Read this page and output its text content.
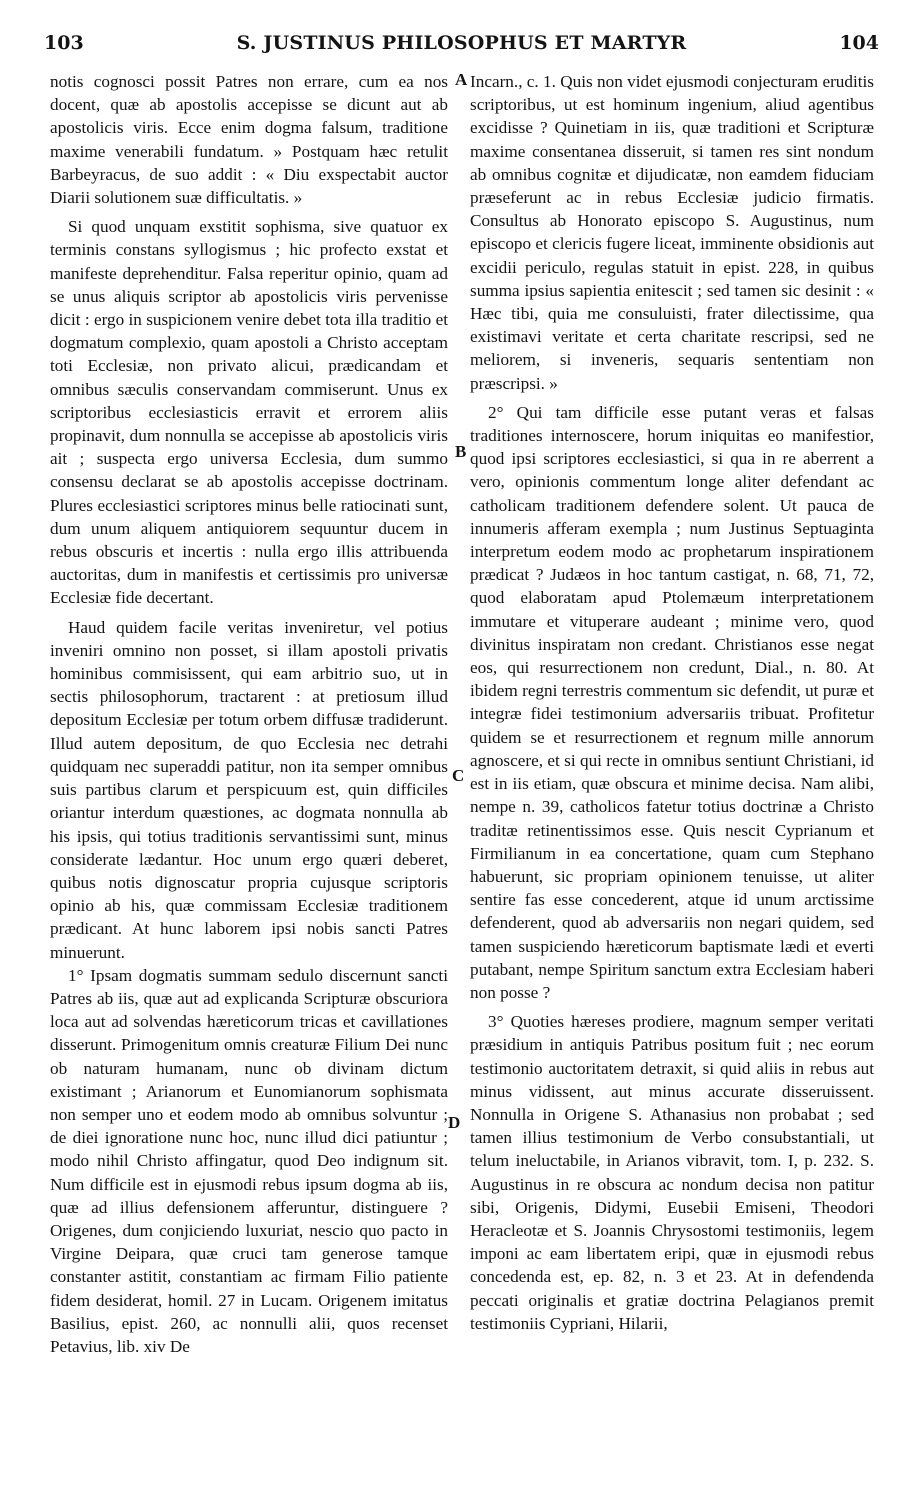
103	S. JUSTINUS PHILOSOPHUS ET MARTYR	104
A
B
C
D

notis cognosci possit Patres non errare, cum ea nos docent, quæ ab apostolis accepisse se dicunt aut ab apostolicis viris. Ecce enim dogma falsum, traditione maxime venerabili fundatum. » Postquam hæc retulit Barbeyracus, de suo addit : « Diu exspectabit auctor Diarii solutionem suæ difficultatis. »

Si quod unquam exstitit sophisma, sive quatuor ex terminis constans syllogismus ; hic profecto exstat et manifeste deprehenditur. Falsa reperitur opinio, quam ad se unus aliquis scriptor ab apostolicis viris pervenisse dicit : ergo in suspicionem venire debet tota illa traditio et dogmatum complexio, quam apostoli a Christo acceptam toti Ecclesiæ, non privato alicui, prædicandam et omnibus sæculis conservandam commiserunt. Unus ex scriptoribus ecclesiasticis erravit et errorem aliis propinavit, dum nonnulla se accepisse ab apostolicis viris ait ; suspecta ergo universa Ecclesia, dum summo consensu declarat se ab apostolis accepisse doctrinam. Plures ecclesiastici scriptores minus belle ratiocinati sunt, dum unum aliquem antiquiorem sequuntur ducem in rebus obscuris et incertis : nulla ergo illis attribuenda auctoritas, dum in manifestis et certissimis pro universæ Ecclesiæ fide decertant.

Haud quidem facile veritas inveniretur, vel potius inveniri omnino non posset, si illam apostoli privatis hominibus commisissent, qui eam arbitrio suo, ut in sectis philosophorum, tractarent : at pretiosum illud depositum Ecclesiæ per totum orbem diffusæ tradiderunt. Illud autem depositum, de quo Ecclesia nec detrahi quidquam nec superaddi patitur, non ita semper omnibus suis partibus clarum et perspicuum est, quin difficiles oriantur interdum quæstiones, ac dogmata nonnulla ab his ipsis, qui totius traditionis servantissimi sunt, minus considerate lædantur. Hoc unum ergo quæri deberet, quibus notis dignoscatur propria cujusque scriptoris opinio ab his, quæ commissam Ecclesiæ traditionem prædicant. At hunc laborem ipsi nobis sancti Patres minuerunt.

1° Ipsam dogmatis summam sedulo discernunt sancti Patres ab iis, quæ aut ad explicanda Scripturæ obscuriora loca aut ad solvendas hæreticorum tricas et cavillationes disserunt. Primogenitum omnis creaturæ Filium Dei nunc ob naturam humanam, nunc ob divinam dictum existimant ; Arianorum et Eunomianorum sophismata non semper uno et eodem modo ab omnibus solvuntur ; de diei ignoratione nunc hoc, nunc illud dici patiuntur ; modo nihil Christo affingatur, quod Deo indignum sit. Num difficile est in ejusmodi rebus ipsum dogma ab iis, quæ ad illius defensionem afferuntur, distinguere ? Origenes, dum conjiciendo luxuriat, nescio quo pacto in Virgine Deipara, quæ cruci tam generose tamque constanter astitit, constantiam ac firmam Filio patiente fidem desiderat, homil. 27 in Lucam. Origenem imitatus Basilius, epist. 260, ac nonnulli alii, quos recenset Petavius, lib. xiv De

Incarn., c. 1. Quis non videt ejusmodi conjecturam eruditis scriptoribus, ut est hominum ingenium, aliud agentibus excidisse ? Quinetiam in iis, quæ traditioni et Scripturæ maxime consentanea disseruit, si tamen res sint nondum ab omnibus cognitæ et dijudicatæ, non eamdem fiduciam præseferunt ac in rebus Ecclesiæ judicio firmatis. Consultus ab Honorato episcopo S. Augustinus, num episcopo et clericis fugere liceat, imminente obsidionis aut excidii periculo, regulas statuit in epist. 228, in quibus summa ipsius sapientia enitescit ; sed tamen sic desinit : « Hæc tibi, quia me consuluisti, frater dilectissime, qua existimavi veritate et certa charitate rescripsi, sed ne meliorem, si inveneris, sequaris sententiam non præscripsi. »

2° Qui tam difficile esse putant veras et falsas traditiones internoscere, horum iniquitas eo manifestior, quod ipsi scriptores ecclesiastici, si qua in re aberrent a vero, opinionis commentum longe aliter defendant ac catholicam traditionem defendere solent. Ut pauca de innumeris afferam exempla ; num Justinus Septuaginta interpretum eodem modo ac prophetarum inspirationem prædicat ? Judæos in hoc tantum castigat, n. 68, 71, 72, quod elaboratam apud Ptolemæum interpretationem immutare et vituperare audeant ; minime vero, quod divinitus inspiratam non credant. Christianos esse negat eos, qui resurrectionem non credunt, Dial., n. 80. At ibidem regni terrestris commentum sic defendit, ut puræ et integræ fidei testimonium adversariis tribuat. Profitetur quidem se et resurrectionem et regnum mille annorum agnoscere, et si qui recte in omnibus sentiunt Christiani, id est in iis etiam, quæ obscura et minime decisa. Nam alibi, nempe n. 39, catholicos fatetur totius doctrinæ a Christo traditæ retinentissimos esse. Quis nescit Cyprianum et Firmilianum in ea concertatione, quam cum Stephano habuerunt, sic propriam opinionem tenuisse, ut aliter sentire fas esse concederent, atque id unum arctissime defenderent, quod ab adversariis non negari quidem, sed tamen suspiciendo hæreticorum baptismate lædi et everti putabant, nempe Spiritum sanctum extra Ecclesiam haberi non posse ?

3° Quoties hæreses prodiere, magnum semper veritati præsidium in antiquis Patribus positum fuit ; nec eorum testimonio auctoritatem detraxit, si quid aliis in rebus aut minus vidissent, aut minus accurate disseruissent. Nonnulla in Origene S. Athanasius non probabat ; sed tamen illius testimonium de Verbo consubstantiali, ut telum ineluctabile, in Arianos vibravit, tom. I, p. 232. S. Augustinus in re obscura ac nondum decisa non patitur sibi, Origenis, Didymi, Eusebii Emiseni, Theodori Heracleotæ et S. Joannis Chrysostomi testimoniis, legem imponi ac eam libertatem eripi, quæ in ejusmodi rebus concedenda est, ep. 82, n. 3 et 23. At in defendenda peccati originalis et gratiæ doctrina Pelagianos premit testimoniis Cypriani, Hilarii,
